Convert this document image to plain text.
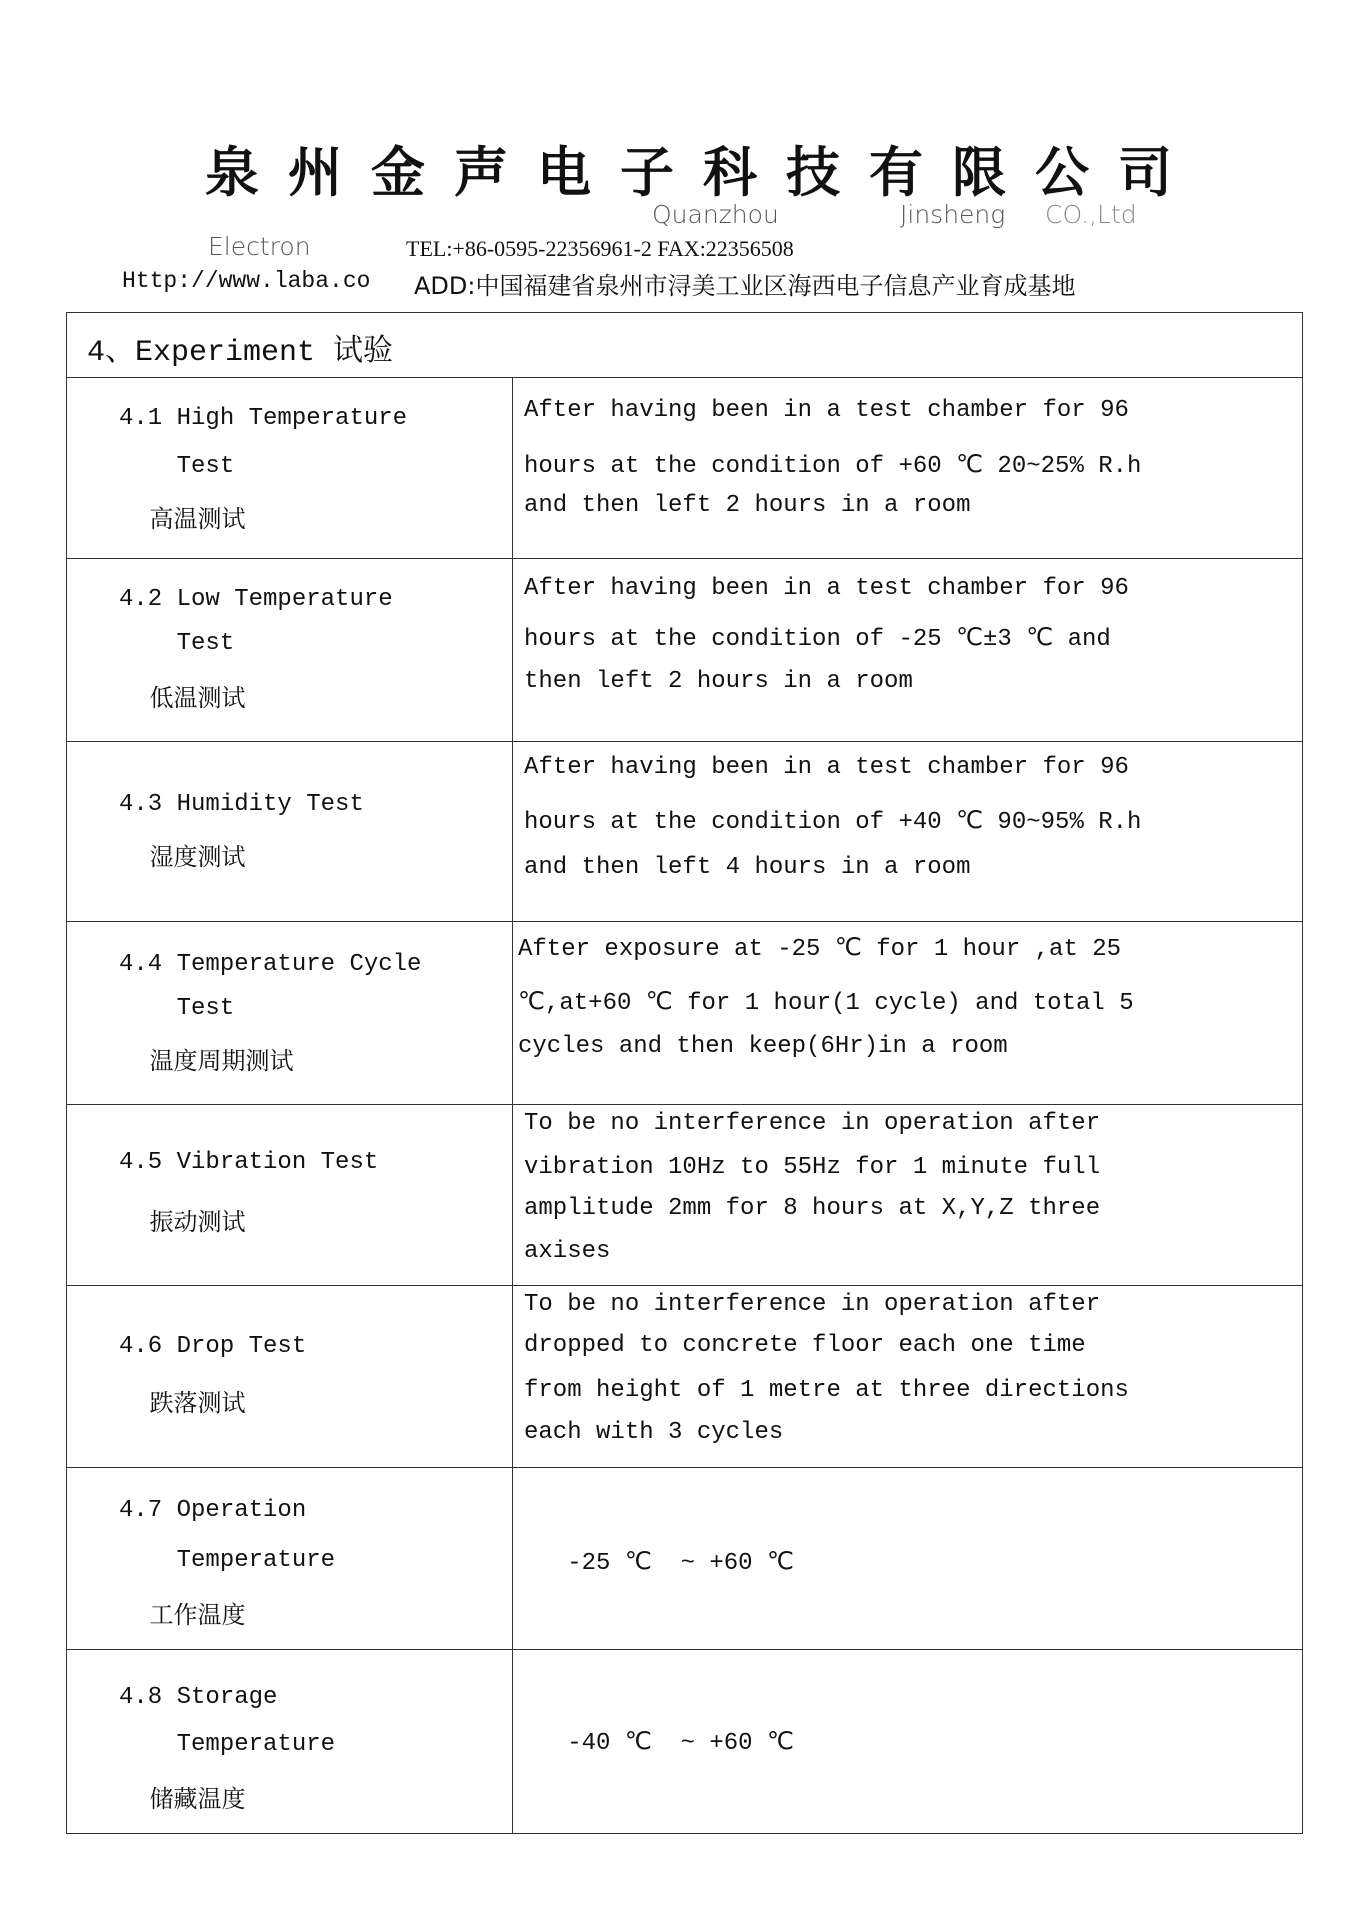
泉州金声电子科技有限公司
Quanzhou	Jinsheng
Electron
CO.,Ltd
TEL:+86-0595-22356961-2 FAX:22356508
Http://www.laba.co ADD:中国福建省泉州市浔美工业区海西电子信息产业育成基地
4、Experiment 试验
4.1 High Temperature
Test
高温测试
After having been in a test chamber for 96
hours at the condition of +60 ℃ 20~25% R.h
and then left 2 hours in a room
4.2 Low Temperature
Test
低温测试
After having been in a test chamber for 96
hours at the condition of -25 ℃±3 ℃ and
then left 2 hours in a room
4.3 Humidity Test
湿度测试
After having been in a test chamber for 96
hours at the condition of +40 ℃ 90~95% R.h
and then left 4 hours in a room
4.4 Temperature Cycle
Test
温度周期测试
After exposure at -25 ℃ for 1 hour ,at 25
℃,at+60 ℃ for 1 hour(1 cycle) and total 5
cycles and then keep(6Hr)in a room
4.5 Vibration Test
振动测试
To be no interference in operation after
vibration 10Hz to 55Hz for 1 minute full
amplitude 2mm for 8 hours at X,Y,Z three
axises
4.6 Drop Test
跌落测试
To be no interference in operation after
dropped to concrete floor each one time
from height of 1 metre at three directions
each with 3 cycles
4.7 Operation
Temperature
工作温度
-25 ℃  ~ +60 ℃
4.8 Storage
Temperature
储藏温度
-40 ℃  ~ +60 ℃
